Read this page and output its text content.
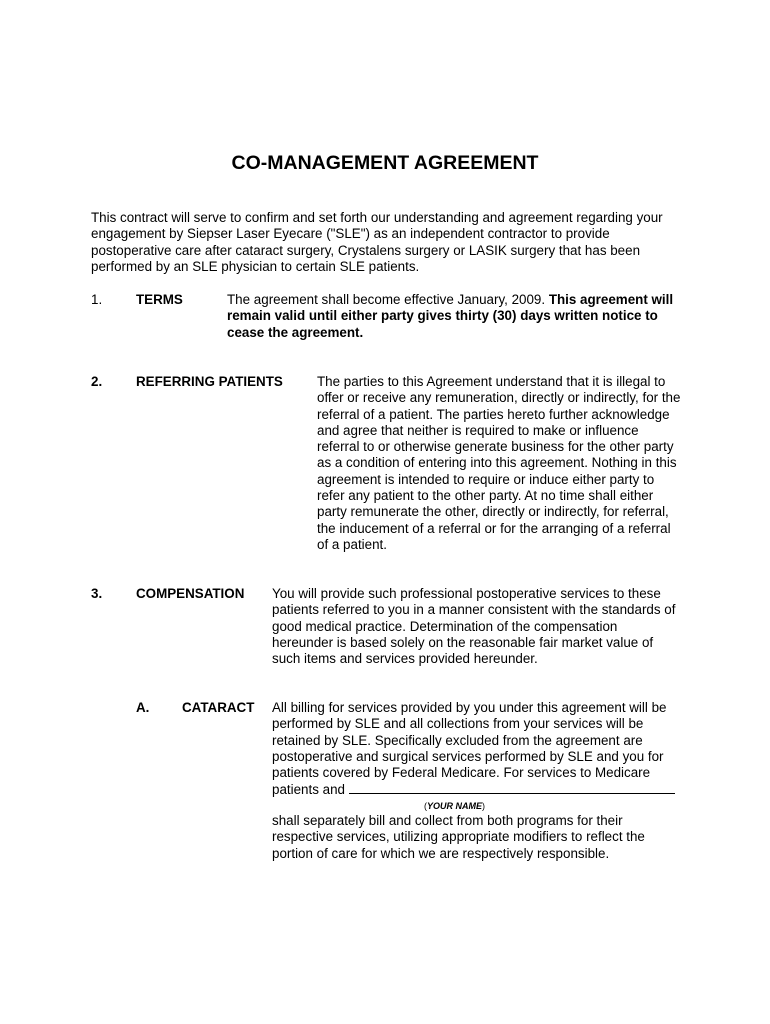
CO-MANAGEMENT AGREEMENT
This contract will serve to confirm and set forth our understanding and agreement regarding your engagement by Siepser Laser Eyecare ("SLE") as an independent contractor to provide postoperative care after cataract surgery, Crystalens surgery or LASIK surgery that has been performed by an SLE physician to certain SLE patients.
1.	TERMS	The agreement shall become effective January, 2009. This agreement will remain valid until either party gives thirty (30) days written notice to cease the agreement.
2.	REFERRING PATIENTS	The parties to this Agreement understand that it is illegal to offer or receive any remuneration, directly or indirectly, for the referral of a patient. The parties hereto further acknowledge and agree that neither is required to make or influence referral to or otherwise generate business for the other party as a condition of entering into this agreement. Nothing in this agreement is intended to require or induce either party to refer any patient to the other party. At no time shall either party remunerate the other, directly or indirectly, for referral, the inducement of a referral or for the arranging of a referral of a patient.
3.	COMPENSATION You will provide such professional postoperative services to these patients referred to you in a manner consistent with the standards of good medical practice. Determination of the compensation hereunder is based solely on the reasonable fair market value of such items and services provided hereunder.
A. CATARACT All billing for services provided by you under this agreement will be performed by SLE and all collections from your services will be retained by SLE. Specifically excluded from the agreement are postoperative and surgical services performed by SLE and you for patients covered by Federal Medicare. For services to Medicare patients and
(YOUR NAME)
shall separately bill and collect from both programs for their respective services, utilizing appropriate modifiers to reflect the portion of care for which we are respectively responsible.
